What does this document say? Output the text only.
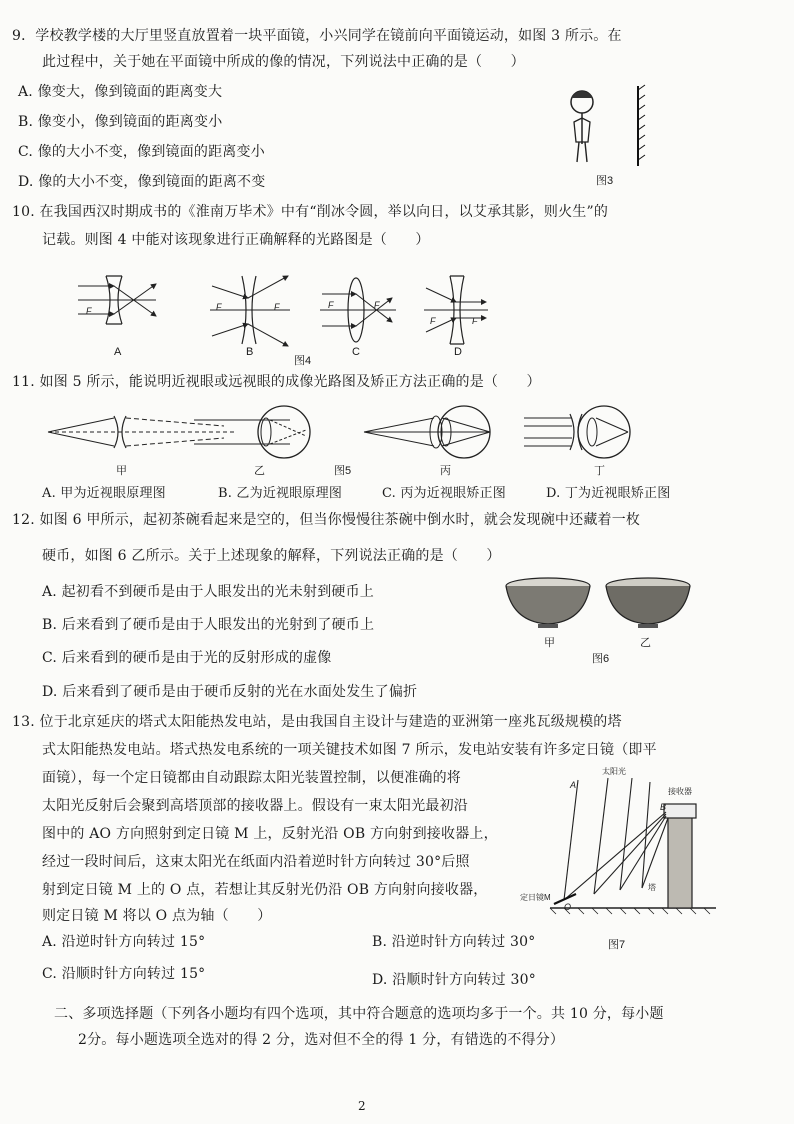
9．学校教学楼的大厅里竖直放置着一块平面镜，小兴同学在镜前向平面镜运动，如图 3 所示。在
此过程中，关于她在平面镜中所成的像的情况，下列说法中正确的是（　　）
A. 像变大，像到镜面的距离变大
B. 像变小，像到镜面的距离变小
C. 像的大小不变，像到镜面的距离变小
D. 像的大小不变，像到镜面的距离不变	图3
10. 在我国西汉时期成书的《淮南万毕术》中有“削冰令圆，举以向日，以艾承其影，则火生”的
记载。则图 4 中能对该现象进行正确解释的光路图是（　　）
F	F	F	F	F
F	F
A	B	C	D
图4
11. 如图 5 所示，能说明近视眼或远视眼的成像光路图及矫正方法正确的是（　　）
甲	乙	丙	丁
图5
A. 甲为近视眼原理图	B. 乙为近视眼原理图	C. 丙为近视眼矫正图	D. 丁为近视眼矫正图
12. 如图 6 甲所示，起初茶碗看起来是空的，但当你慢慢往茶碗中倒水时，就会发现碗中还藏着一枚
硬币，如图 6 乙所示。关于上述现象的解释，下列说法正确的是（　　）
A. 起初看不到硬币是由于人眼发出的光未射到硬币上
B. 后来看到了硬币是由于人眼发出的光射到了硬币上
C. 后来看到的硬币是由于光的反射形成的虚像
D. 后来看到了硬币是由于硬币反射的光在水面处发生了偏折
甲	乙
图6
13. 位于北京延庆的塔式太阳能热发电站，是由我国自主设计与建造的亚洲第一座兆瓦级规模的塔
式太阳能热发电站。塔式热发电系统的一项关键技术如图 7 所示，发电站安装有许多定日镜（即平
面镜），每一个定日镜都由自动跟踪太阳光装置控制，以便准确的将
太阳光反射后会聚到高塔顶部的接收器上。假设有一束太阳光最初沿
图中的 AO 方向照射到定日镜 M 上，反射光沿 OB 方向射到接收器上，
经过一段时间后，这束太阳光在纸面内沿着逆时针方向转过 30°后照
射到定日镜 M 上的 O 点，若想让其反射光仍沿 OB 方向射向接收器，
则定日镜 M 将以 O 点为轴（　　）
太阳光
接收器
A
B
O
定日镜M
塔
图7
A. 沿逆时针方向转过 15°	B. 沿逆时针方向转过 30°
C. 沿顺时针方向转过 15°	D. 沿顺时针方向转过 30°
二、多项选择题（下列各小题均有四个选项，其中符合题意的选项均多于一个。共 10 分，每小题
2分。每小题选项全选对的得 2 分，选对但不全的得 1 分，有错选的不得分）
2
